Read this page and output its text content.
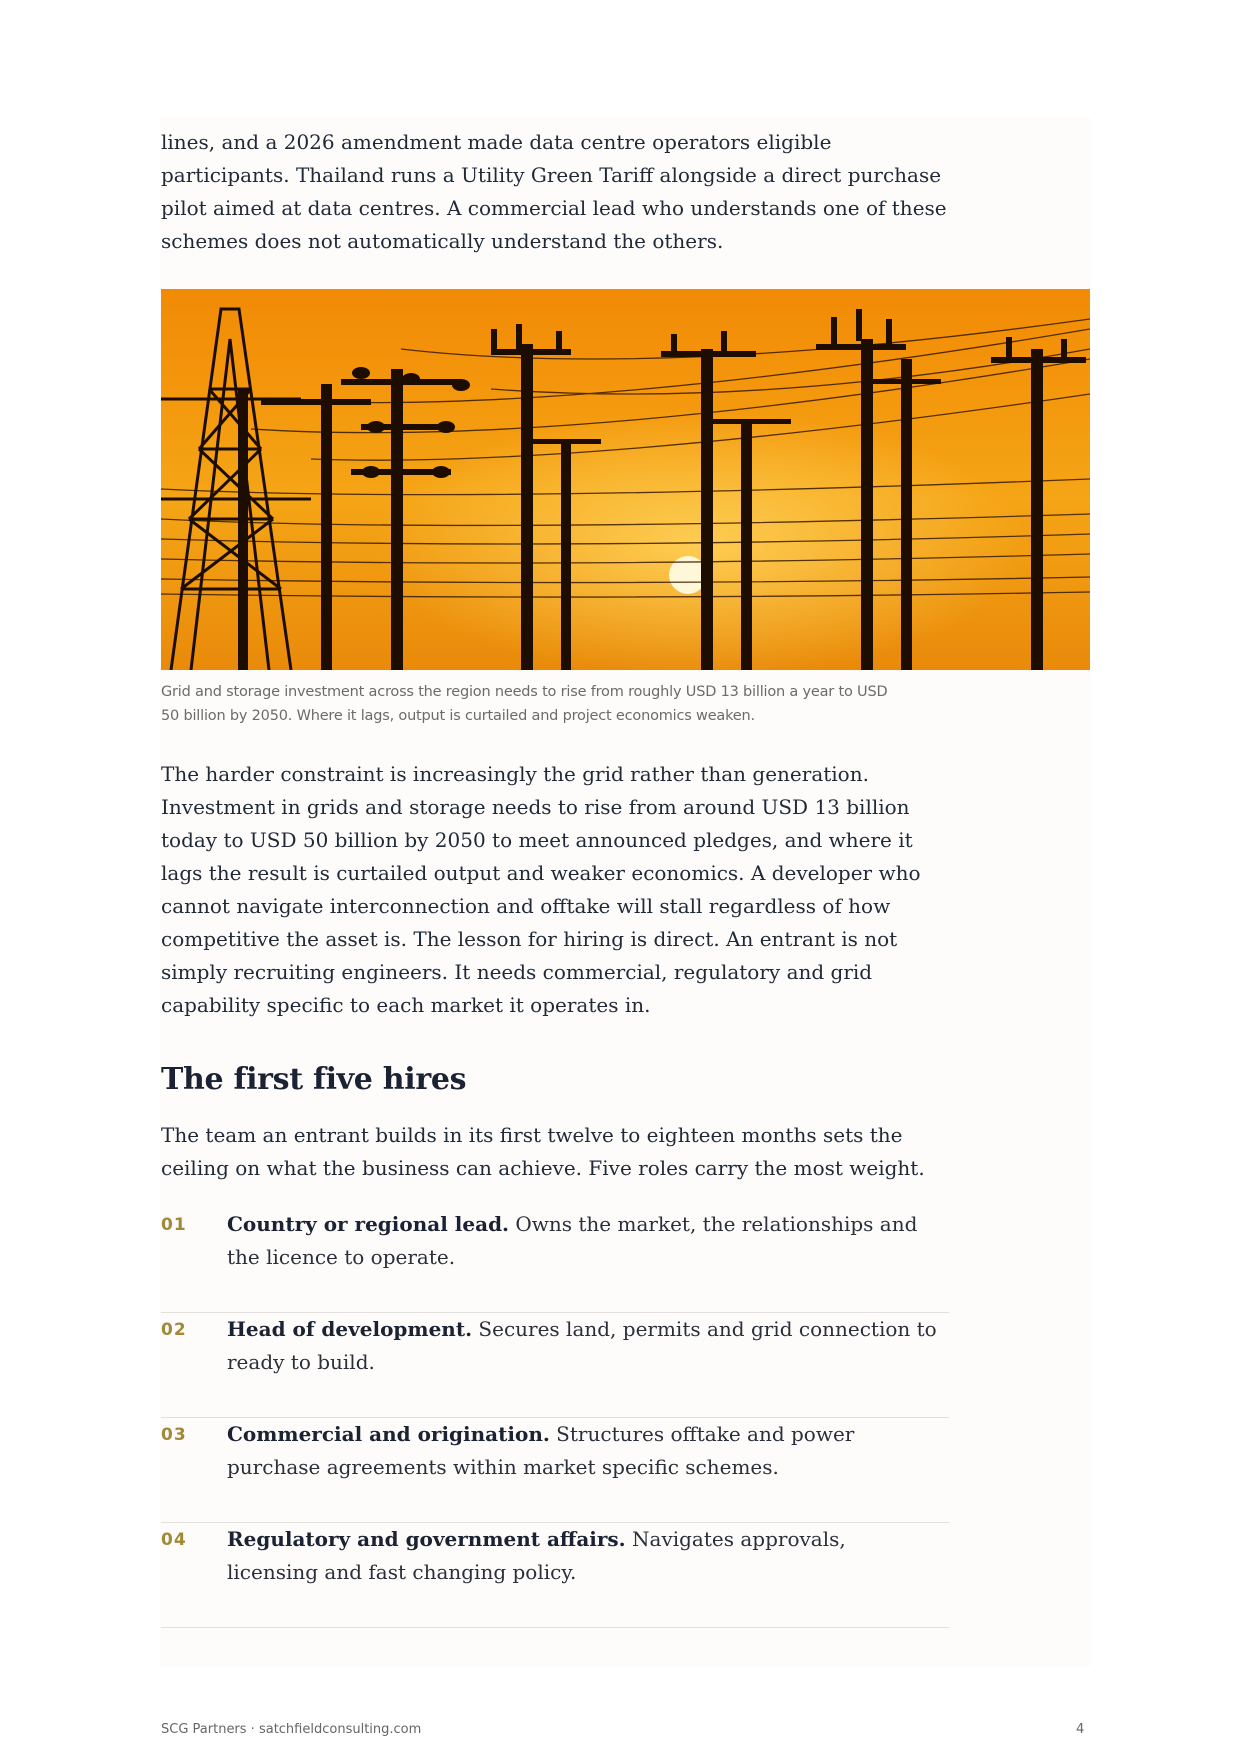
lines, and a 2026 amendment made data centre operators eligible participants. Thailand runs a Utility Green Tariff alongside a direct purchase pilot aimed at data centres. A commercial lead who understands one of these schemes does not automatically understand the others.

Grid and storage investment across the region needs to rise from roughly USD 13 billion a year to USD 50 billion by 2050. Where it lags, output is curtailed and project economics weaken.

The harder constraint is increasingly the grid rather than generation. Investment in grids and storage needs to rise from around USD 13 billion today to USD 50 billion by 2050 to meet announced pledges, and where it lags the result is curtailed output and weaker economics. A developer who cannot navigate interconnection and offtake will stall regardless of how competitive the asset is. The lesson for hiring is direct. An entrant is not simply recruiting engineers. It needs commercial, regulatory and grid capability specific to each market it operates in.

The first five hires

The team an entrant builds in its first twelve to eighteen months sets the ceiling on what the business can achieve. Five roles carry the most weight.

01 Country or regional lead. Owns the market, the relationships and the licence to operate.

02 Head of development. Secures land, permits and grid connection to ready to build.

03 Commercial and origination. Structures offtake and power purchase agreements within market specific schemes.

04 Regulatory and government affairs. Navigates approvals, licensing and fast changing policy.

SCG Partners · satchfieldconsulting.com	4
